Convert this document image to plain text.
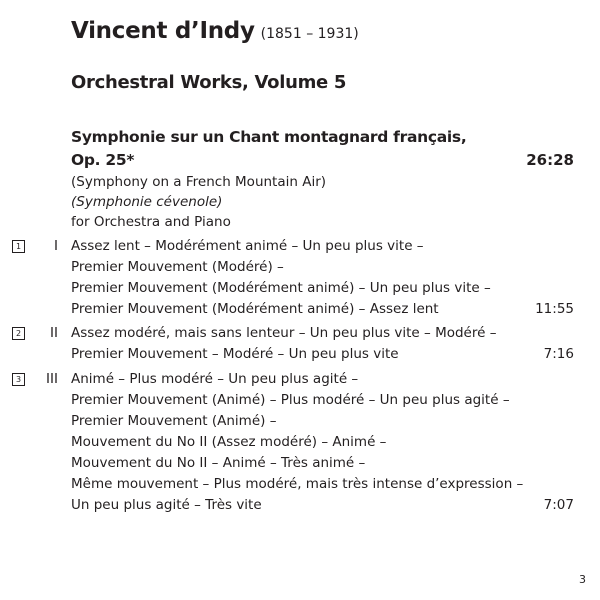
Vincent d’Indy (1851 – 1931)
Orchestral Works, Volume 5
Symphonie sur un Chant montagnard français,
Op. 25*	26:28
(Symphony on a French Mountain Air)
(Symphonie cévenole)
for Orchestra and Piano
1	I Assez lent – Modérément animé – Un peu plus vite –
Premier Mouvement (Modéré) –
Premier Mouvement (Modérément animé) – Un peu plus vite –
Premier Mouvement (Modérément animé) – Assez lent	11:55
2	II Assez modéré, mais sans lenteur – Un peu plus vite – Modéré –
Premier Mouvement – Modéré – Un peu plus vite	7:16
3	III Animé – Plus modéré – Un peu plus agité –
Premier Mouvement (Animé) – Plus modéré – Un peu plus agité –
Premier Mouvement (Animé) –
Mouvement du No II (Assez modéré) – Animé –
Mouvement du No II – Animé – Très animé –
Même mouvement – Plus modéré, mais très intense d’expression –
Un peu plus agité – Très vite	7:07
3
